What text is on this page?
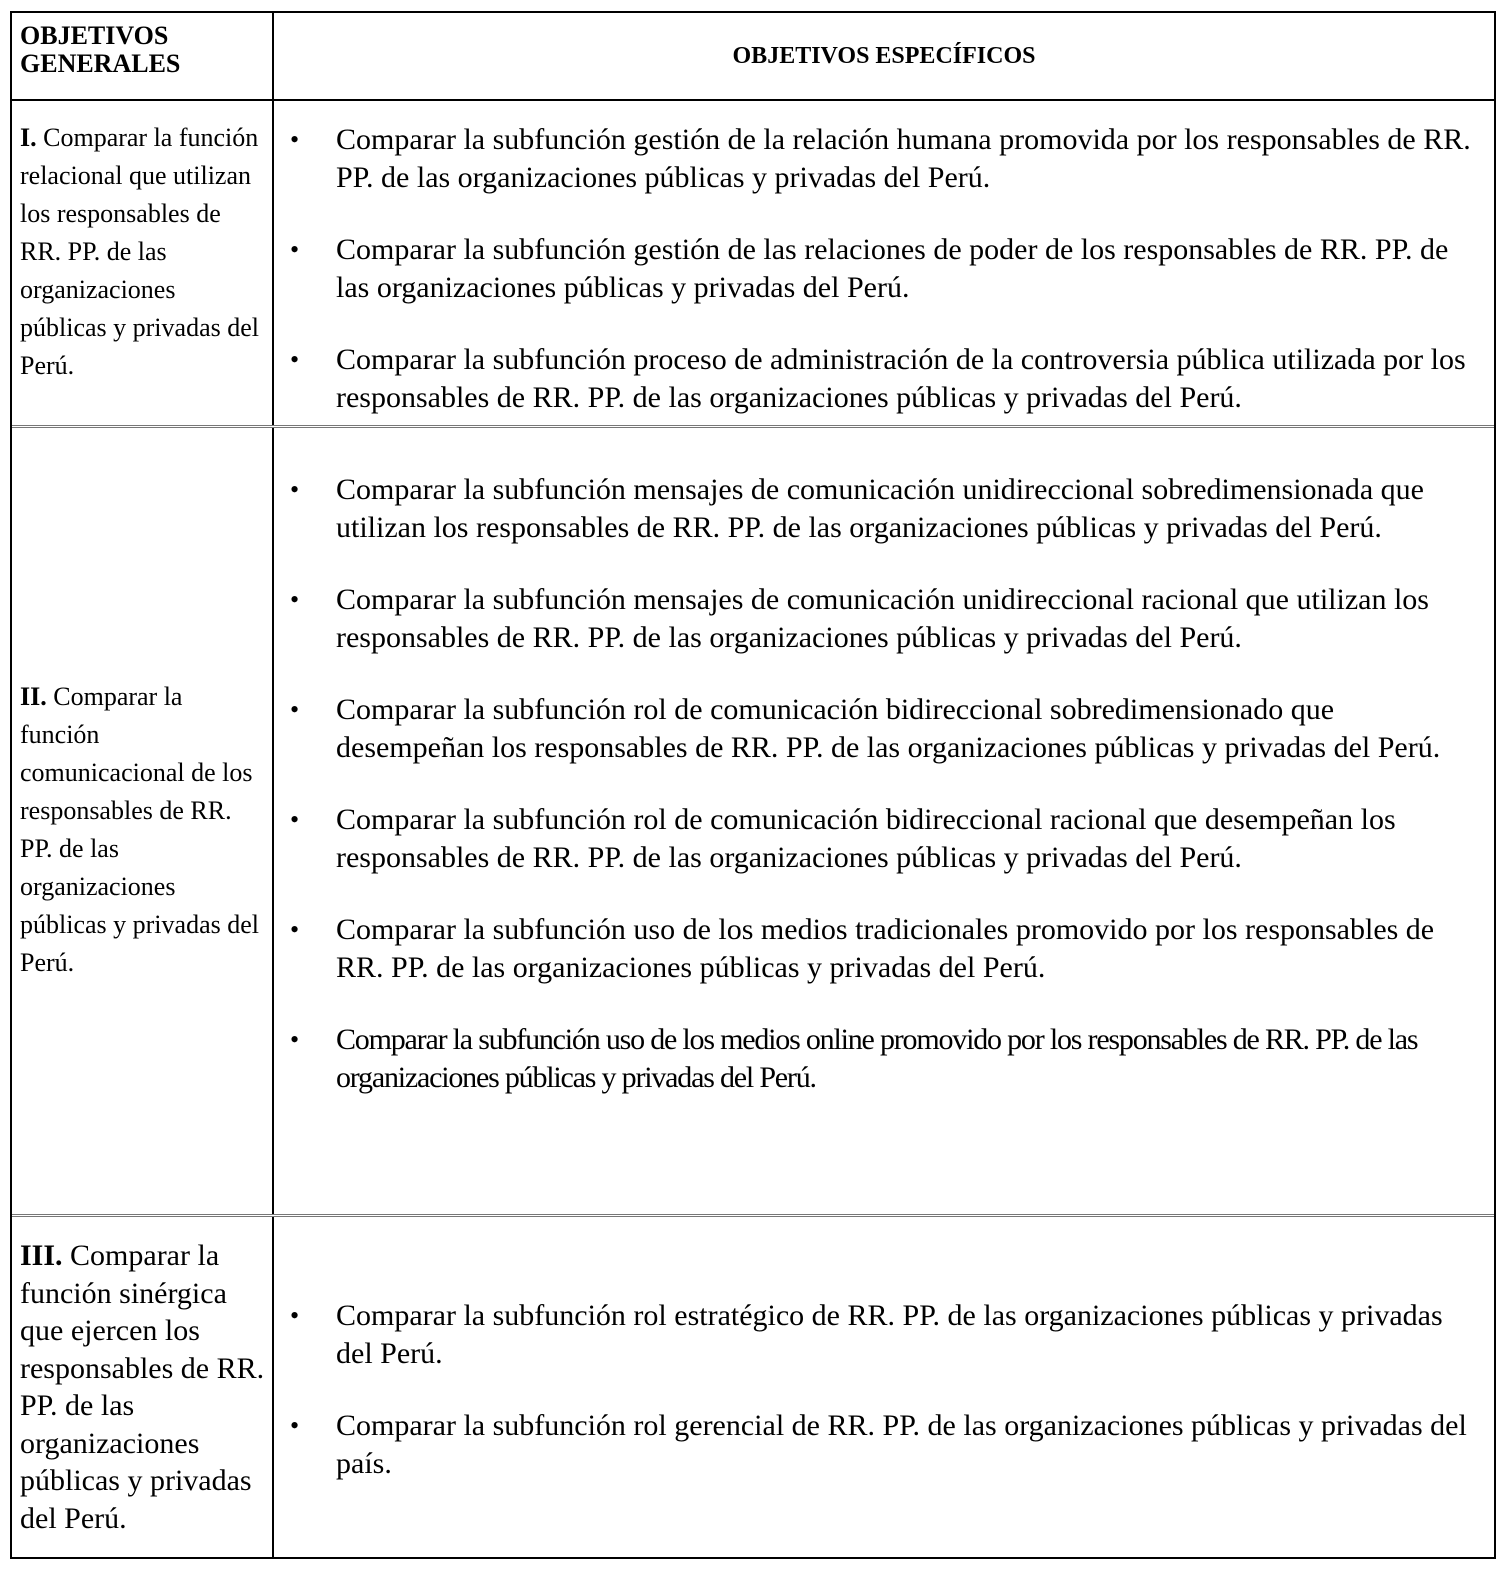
OBJETIVOS GENERALES	OBJETIVOS ESPECÍFICOS
I. Comparar la función relacional que utilizan los responsables de RR. PP. de las organizaciones públicas y privadas del Perú.
• Comparar la subfunción gestión de la relación humana promovida por los responsables de RR. PP. de las organizaciones públicas y privadas del Perú.
• Comparar la subfunción gestión de las relaciones de poder de los responsables de RR. PP. de las organizaciones públicas y privadas del Perú.
• Comparar la subfunción proceso de administración de la controversia pública utilizada por los responsables de RR. PP. de las organizaciones públicas y privadas del Perú.
II. Comparar la función comunicacional de los responsables de RR. PP. de las organizaciones públicas y privadas del Perú.
• Comparar la subfunción mensajes de comunicación unidireccional sobredimensionada que utilizan los responsables de RR. PP. de las organizaciones públicas y privadas del Perú.
• Comparar la subfunción mensajes de comunicación unidireccional racional que utilizan los responsables de RR. PP. de las organizaciones públicas y privadas del Perú.
• Comparar la subfunción rol de comunicación bidireccional sobredimensionado que desempeñan los responsables de RR. PP. de las organizaciones públicas y privadas del Perú.
• Comparar la subfunción rol de comunicación bidireccional racional que desempeñan los responsables de RR. PP. de las organizaciones públicas y privadas del Perú.
• Comparar la subfunción uso de los medios tradicionales promovido por los responsables de RR. PP. de las organizaciones públicas y privadas del Perú.
• Comparar la subfunción uso de los medios online promovido por los responsables de RR. PP. de las organizaciones públicas y privadas del Perú.
III. Comparar la función sinérgica que ejercen los responsables de RR. PP. de las organizaciones públicas y privadas del Perú.
• Comparar la subfunción rol estratégico de RR. PP. de las organizaciones públicas y privadas del Perú.
• Comparar la subfunción rol gerencial de RR. PP. de las organizaciones públicas y privadas del país.
